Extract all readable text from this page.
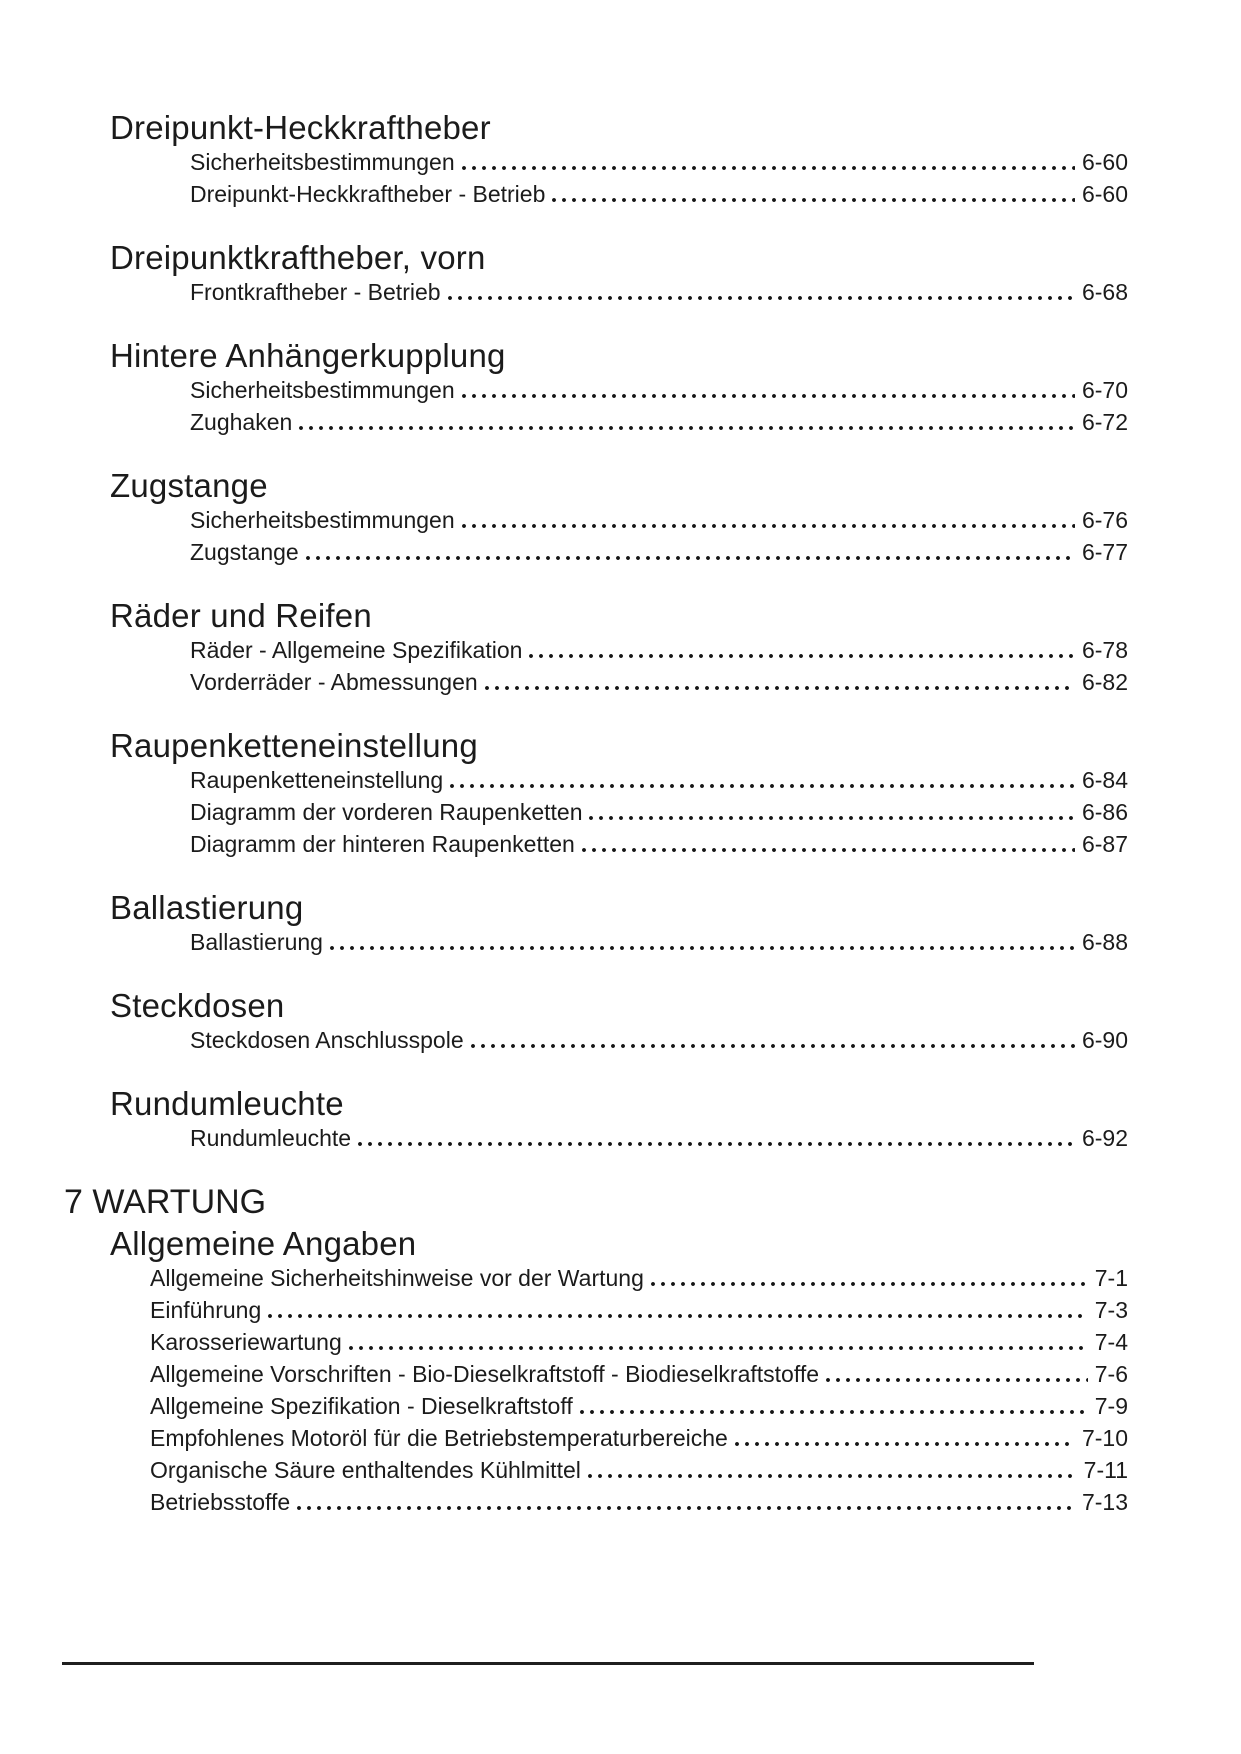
Dreipunkt-Heckkraftheber
Sicherheitsbestimmungen	6-60
Dreipunkt-Heckkraftheber - Betrieb	6-60
Dreipunktkraftheber, vorn
Frontkraftheber - Betrieb	6-68
Hintere Anhängerkupplung
Sicherheitsbestimmungen	6-70
Zughaken	6-72
Zugstange
Sicherheitsbestimmungen	6-76
Zugstange	6-77
Räder und Reifen
Räder - Allgemeine Spezifikation	6-78
Vorderräder - Abmessungen	6-82
Raupenketteneinstellung
Raupenketteneinstellung	6-84
Diagramm der vorderen Raupenketten	6-86
Diagramm der hinteren Raupenketten	6-87
Ballastierung
Ballastierung	6-88
Steckdosen
Steckdosen Anschlusspole	6-90
Rundumleuchte
Rundumleuchte	6-92
7 WARTUNG
Allgemeine Angaben
Allgemeine Sicherheitshinweise vor der Wartung	7-1
Einführung	7-3
Karosseriewartung	7-4
Allgemeine Vorschriften - Bio-Dieselkraftstoff - Biodieselkraftstoffe	7-6
Allgemeine Spezifikation - Dieselkraftstoff	7-9
Empfohlenes Motoröl für die Betriebstemperaturbereiche	7-10
Organische Säure enthaltendes Kühlmittel	7-11
Betriebsstoffe	7-13
